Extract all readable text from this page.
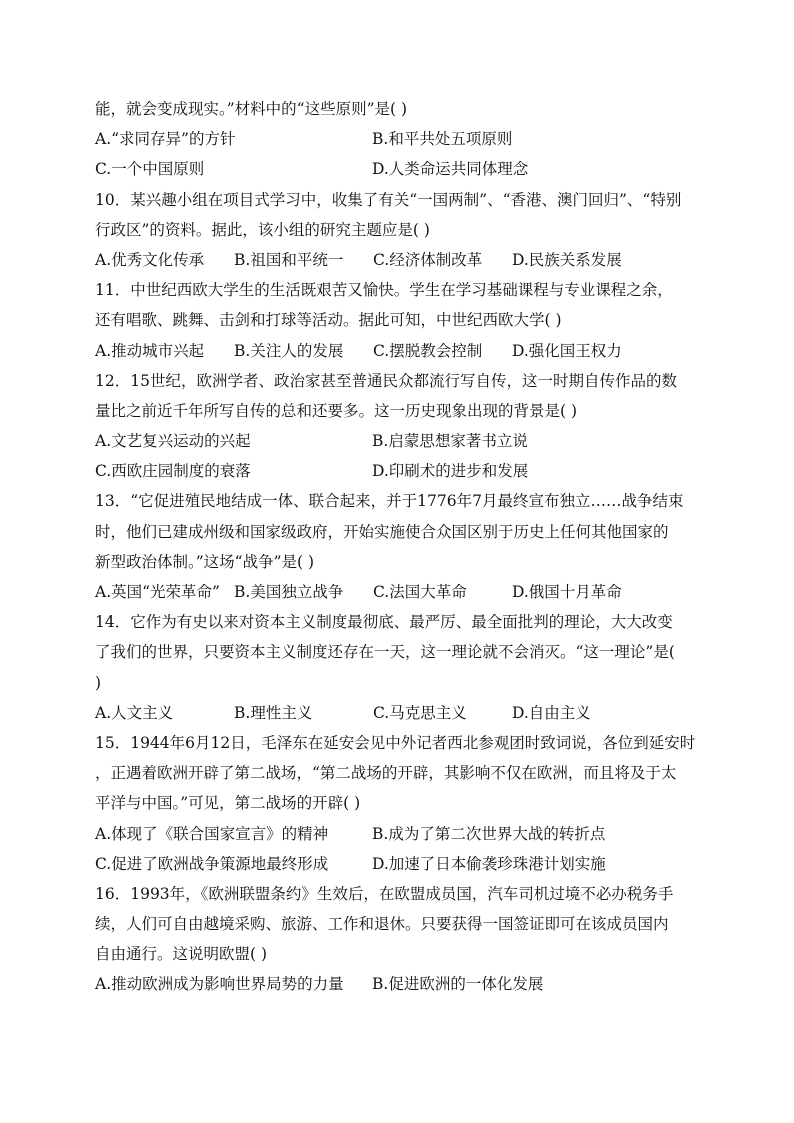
能，就会变成现实。”材料中的“这些原则”是( )
A.“求同存异”的方针	B.和平共处五项原则
C.一个中国原则	D.人类命运共同体理念
10．某兴趣小组在项目式学习中，收集了有关“一国两制”、“香港、澳门回归”、“特别
行政区”的资料。据此，该小组的研究主题应是( )
A.优秀文化传承	B.祖国和平统一	C.经济体制改革	D.民族关系发展
11．中世纪西欧大学生的生活既艰苦又愉快。学生在学习基础课程与专业课程之余，
还有唱歌、跳舞、击剑和打球等活动。据此可知，中世纪西欧大学( )
A.推动城市兴起	B.关注人的发展	C.摆脱教会控制	D.强化国王权力
12．15世纪，欧洲学者、政治家甚至普通民众都流行写自传，这一时期自传作品的数
量比之前近千年所写自传的总和还要多。这一历史现象出现的背景是( )
A.文艺复兴运动的兴起	B.启蒙思想家著书立说
C.西欧庄园制度的衰落	D.印刷术的进步和发展
13．“它促进殖民地结成一体、联合起来，并于1776年7月最终宣布独立……战争结束
时，他们已建成州级和国家级政府，开始实施使合众国区别于历史上任何其他国家的
新型政治体制。”这场“战争”是( )
A.英国“光荣革命” B.美国独立战争	C.法国大革命	D.俄国十月革命
14．它作为有史以来对资本主义制度最彻底、最严厉、最全面批判的理论，大大改变
了我们的世界，只要资本主义制度还存在一天，这一理论就不会消灭。“这一理论”是(
)
A.人文主义	B.理性主义	C.马克思主义	D.自由主义
15．1944年6月12日，毛泽东在延安会见中外记者西北参观团时致词说，各位到延安时
，正遇着欧洲开辟了第二战场，“第二战场的开辟，其影响不仅在欧洲，而且将及于太
平洋与中国。”可见，第二战场的开辟( )
A.体现了《联合国家宣言》的精神	B.成为了第二次世界大战的转折点
C.促进了欧洲战争策源地最终形成	D.加速了日本偷袭珍珠港计划实施
16．1993年，《欧洲联盟条约》生效后，在欧盟成员国，汽车司机过境不必办税务手
续，人们可自由越境采购、旅游、工作和退休。只要获得一国签证即可在该成员国内
自由通行。这说明欧盟( )
A.推动欧洲成为影响世界局势的力量	B.促进欧洲的一体化发展
